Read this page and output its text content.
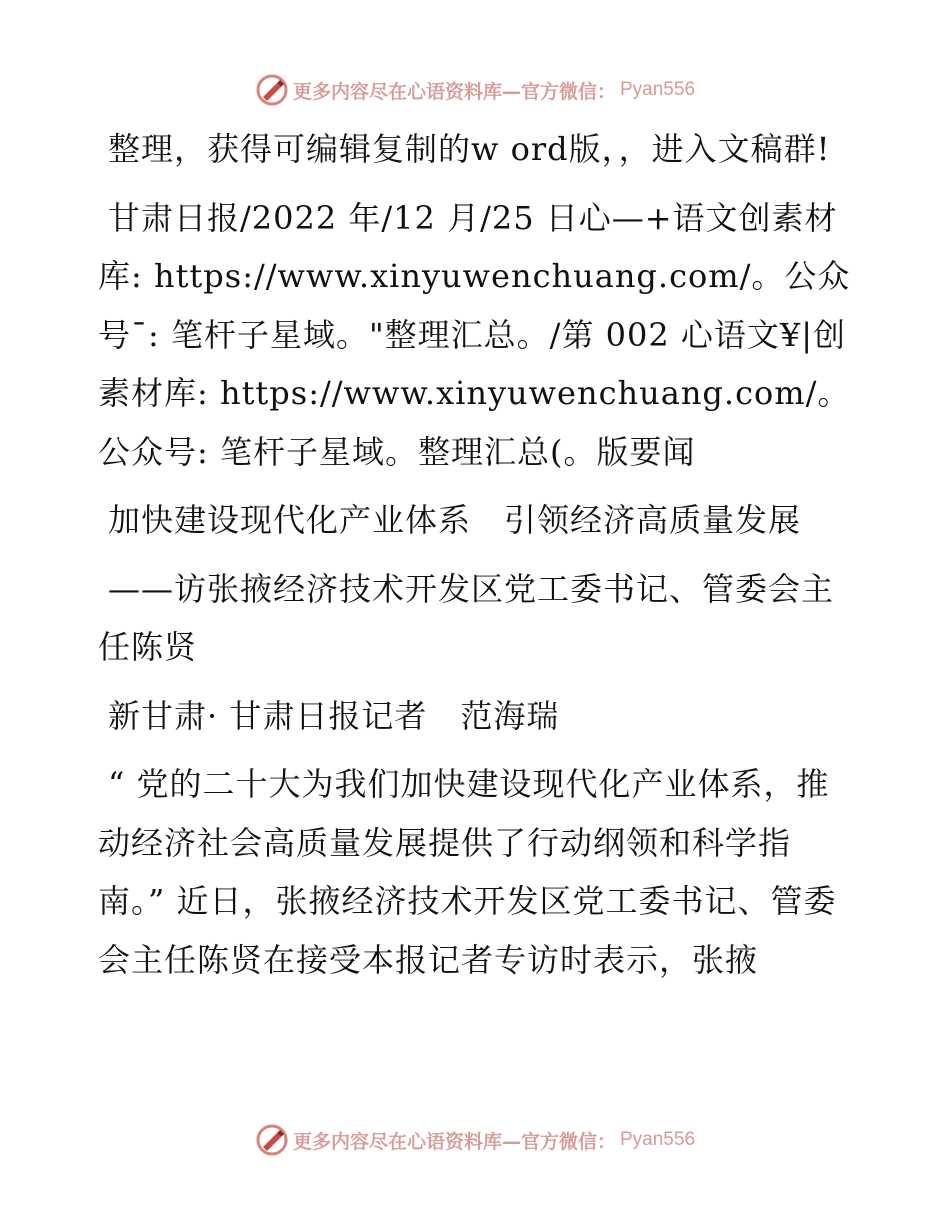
更多内容尽在心语资料库—官方微信： Pyan556

整理，获得可编辑复制的w ord版，，进入文稿群!

甘肃日报/2022 年/12 月/25 日心—+语文创素材库: https://www.xinyuwenchuang.com/。公众号¯: 笔杆子星域。"整理汇总。/第 002 心语文¥|创素材库: https://www.xinyuwenchuang.com/。公众号: 笔杆子星域。整理汇总(。版要闻

加快建设现代化产业体系　引领经济高质量发展

——访张掖经济技术开发区党工委书记、管委会主任陈贤

新甘肃· 甘肃日报记者　范海瑞

“ 党的二十大为我们加快建设现代化产业体系，推动经济社会高质量发展提供了行动纲领和科学指南。” 近日，张掖经济技术开发区党工委书记、管委会主任陈贤在接受本报记者专访时表示，张掖

更多内容尽在心语资料库—官方微信： Pyan556
